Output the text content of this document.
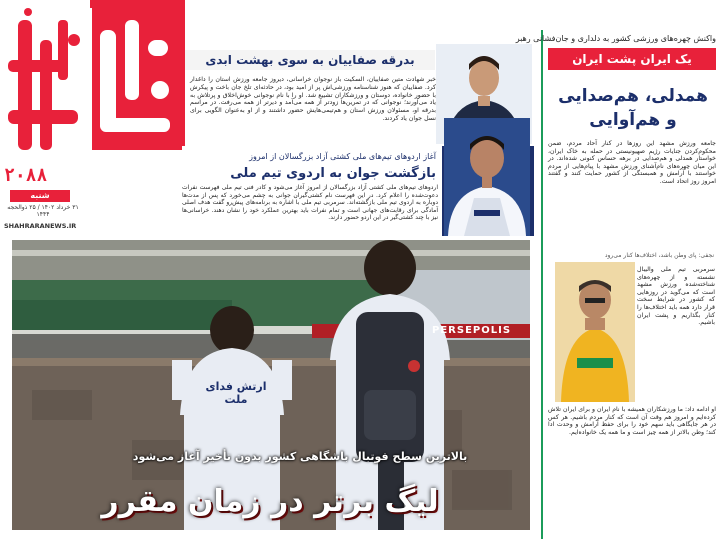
۲۰۸۸
شنبه
۳۱ خرداد ۱۴۰۲ / ۲۵ ذوالحجه ۱۴۴۴
SHAHRARANEWS.IR
بدرقه صفاییان به سوی بهشت ابدی
خبر شهادت متین صفاییان، السکیت باز نوجوان خراسانی، دیروز جامعه ورزش استان را داغدار کرد. صفاییان که هنوز شناسنامه ورزشی‌اش پر از امید بود، در حادثه‌ای تلخ جان باخت و پیکرش با حضور خانواده، دوستان و ورزشکاران تشییع شد. او را با نام نوجوانی خوش‌اخلاق و پرتلاش به یاد می‌آورند؛ نوجوانی که در تمرین‌ها زودتر از همه می‌آمد و دیرتر از همه می‌رفت. در مراسم بدرقه او، مسئولان ورزش استان و هم‌تیمی‌هایش حضور داشتند و از او به‌عنوان الگویی برای نسل جوان یاد کردند.
آغاز اردوهای تیم‌های ملی کشتی آزاد بزرگسالان از امروز
بازگشت جوان به اردوی تیم ملی
اردوهای تیم‌های ملی کشتی آزاد بزرگسالان از امروز آغاز می‌شود و کادر فنی تیم ملی فهرست نفرات دعوت‌شده را اعلام کرد. در این فهرست نام کشتی‌گیران جوانی به چشم می‌خورد که پس از مدت‌ها دوباره به اردوی تیم ملی بازگشته‌اند. سرمربی تیم ملی با اشاره به برنامه‌های پیش‌رو گفت هدف اصلی آمادگی برای رقابت‌های جهانی است و تمام نفرات باید بهترین عملکرد خود را نشان دهند. خراسانی‌ها نیز با چند کشتی‌گیر در این اردو حضور دارند.
ارتش فدای ملت
PERSEPOLIS
بالاترین سطح فوتبال باشگاهی کشور بدون تأخیر آغاز می‌شود
لیگ برتر در زمان مقرر
واکنش چهره‌های ورزشی کشور به دلداری و جان‌فشانی رهبر
یک ایران پشت ایران
همدلی، هم‌صدایی و هم‌آوایی
جامعه ورزش مشهد این روزها در کنار آحاد مردم، ضمن محکوم‌کردن جنایات رژیم صهیونیستی در حمله به خاک ایران، خواستار همدلی و هم‌صدایی در برهه حساس کنونی شده‌اند. در این میان چهره‌های نام‌آشنای ورزش مشهد با پیام‌هایی از مردم خواستند با آرامش و همبستگی از کشور حمایت کنند و گفتند امروز روز اتحاد است.
نجفی: پای وطن باشد، اختلاف‌ها کنار می‌رود
سرمربی تیم ملی والیبال نشسته و از چهره‌های شناخته‌شده ورزش مشهد است که می‌گوید در روزهایی که کشور در شرایط سخت قرار دارد همه باید اختلاف‌ها را کنار بگذاریم و پشت ایران باشیم.
او ادامه داد: ما ورزشکاران همیشه با نام ایران و برای ایران تلاش کرده‌ایم و امروز هم وقت آن است که کنار مردم باشیم. هر کس در هر جایگاهی باید سهم خود را برای حفظ آرامش و وحدت ادا کند؛ وطن بالاتر از همه چیز است و ما همه یک خانواده‌ایم.
